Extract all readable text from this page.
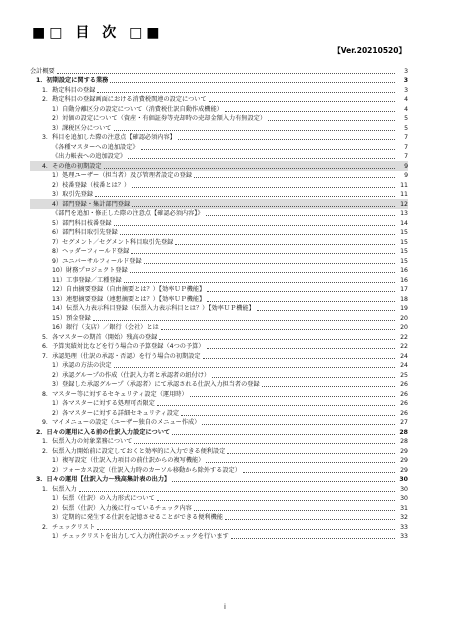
■□ 目 次 □■
【Ver.20210520】
会計概要	3
1．初期設定に関する業務	3
1．勘定科目の登録	3
2．勘定科目の登録画面における消費税関連の設定について	4
1）自動分離区分の設定について（消費税仕訳自動作成機能）	4
2）対価の設定について（資産・有価証券等売却時の売却金額入力有無設定）	5
3）課税区分について	5
3．科目を追加した際の注意点【確認必須内容】	7
《各種マスターへの追加設定》	7
《出力帳表への追加設定》	7
4．その他の初期設定	9
1）処理ユーザー（担当者）及び管理者設定の登録	9
2）枝番登録（枝番とは？）	11
3）取引先登録	11
4）部門登録・集計部門登録	12
《部門を追加・修正した際の注意点【確認必須内容】》	13
5）部門科目枝番登録	14
6）部門科目取引先登録	15
7）セグメント／セグメント科目取引先登録	15
8）ヘッダーフィールド登録	15
9）ユニバーサルフィールド登録	15
10）財務プロジェクト登録	16
11）工事登録／工種登録	16
12）自由摘要登録（自由摘要とは？）【効率ＵＰ機能】	17
13）連想摘要登録（連想摘要とは？）【効率ＵＰ機能】	18
14）伝票入力表示科目登録（伝票入力表示科目とは？）【効率ＵＰ機能】	19
15）預金登録	20
16）銀行（支店）／銀行（会社）とは	20
5．各マスターの期首（開始）残高の登録	22
6．予算実績対比などを行う場合の予算登録（4つの予算）	22
7．承認処理（仕訳の承認・否認）を行う場合の初期設定	24
1）承認の方法の決定	24
2）承認グループの作成（仕訳入力者と承認者の紐付け）	25
3）登録した承認グループ（承認者）にて承認される仕訳入力担当者の登録	26
8．マスター等に対するセキュリティ設定（運用時）	26
1）各マスターに対する処理可否限定	26
2）各マスターに対する詳細セキュリティ設定	26
9．マイメニューの設定（ユーザー独自のメニュー作成）	27
2．日々の運用に入る前の仕訳入力設定について	28
1．伝票入力の対象業務について	28
2．伝票入力開始前に設定しておくと効率的に入力できる便利設定	29
1）複写設定（仕訳入力項目の前仕訳からの複写機能）	29
2）フォーカス設定（仕訳入力時のカーソル移動から除外する設定）	29
3．日々の運用【仕訳入力～残高集計表の出力】	30
1．伝票入力	30
1）伝票（仕訳）の入力形式について	30
2）伝票（仕訳）入力後に行っているチェック内容	31
3）定期的に発生する仕訳を記憶させることができる便利機能	32
2．チェックリスト	33
1）チェックリストを出力して入力済仕訳のチェックを行います	33
i
